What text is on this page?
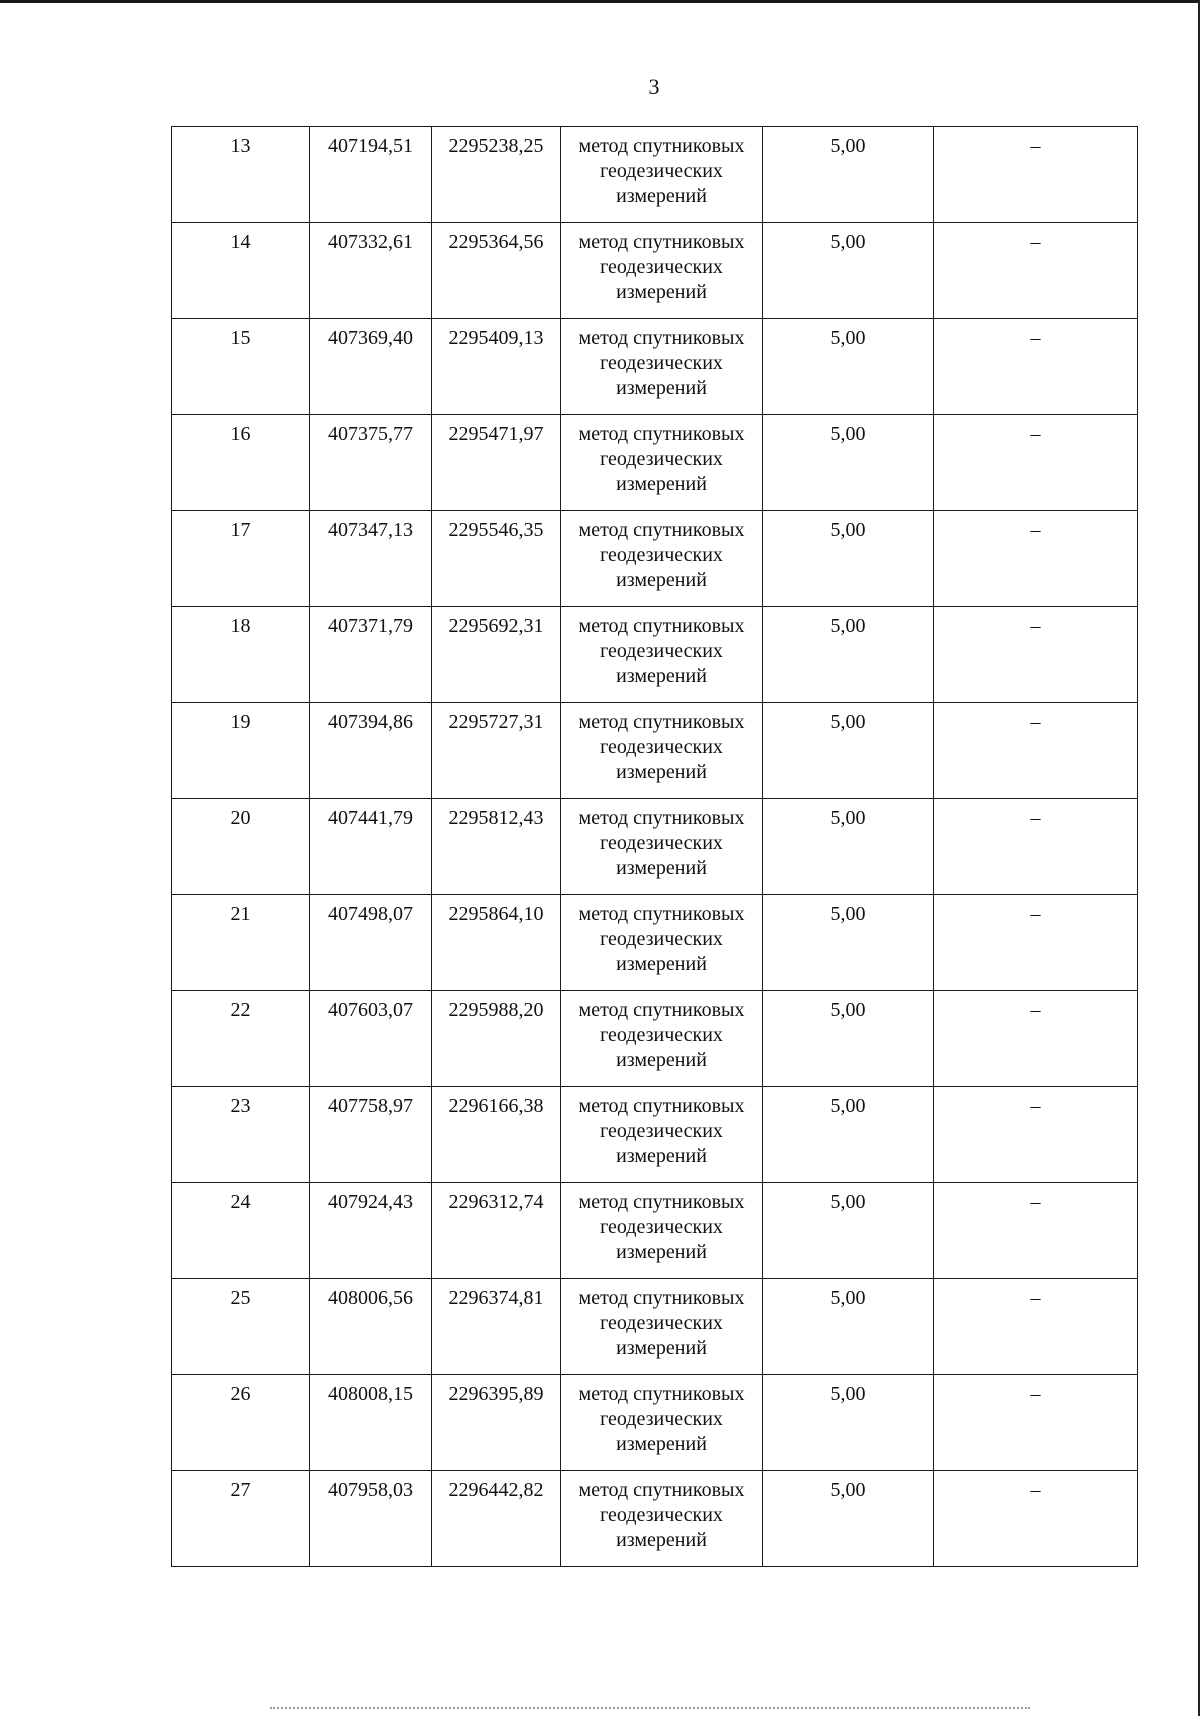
3
13	407194,51	2295238,25	метод спутниковых геодезических измерений	5,00	–
14	407332,61	2295364,56	метод спутниковых геодезических измерений	5,00	–
15	407369,40	2295409,13	метод спутниковых геодезических измерений	5,00	–
16	407375,77	2295471,97	метод спутниковых геодезических измерений	5,00	–
17	407347,13	2295546,35	метод спутниковых геодезических измерений	5,00	–
18	407371,79	2295692,31	метод спутниковых геодезических измерений	5,00	–
19	407394,86	2295727,31	метод спутниковых геодезических измерений	5,00	–
20	407441,79	2295812,43	метод спутниковых геодезических измерений	5,00	–
21	407498,07	2295864,10	метод спутниковых геодезических измерений	5,00	–
22	407603,07	2295988,20	метод спутниковых геодезических измерений	5,00	–
23	407758,97	2296166,38	метод спутниковых геодезических измерений	5,00	–
24	407924,43	2296312,74	метод спутниковых геодезических измерений	5,00	–
25	408006,56	2296374,81	метод спутниковых геодезических измерений	5,00	–
26	408008,15	2296395,89	метод спутниковых геодезических измерений	5,00	–
27	407958,03	2296442,82	метод спутниковых геодезических измерений	5,00	–
